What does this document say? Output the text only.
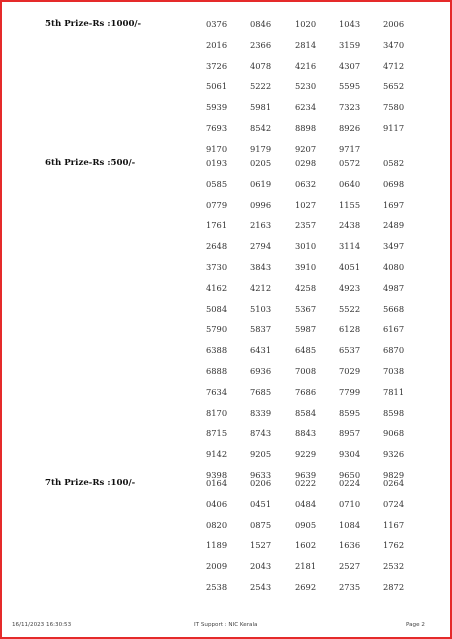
5th Prize-Rs :1000/-	0376	0846	1020	1043	2006
2016	2366	2814	3159	3470
3726	4078	4216	4307	4712
5061	5222	5230	5595	5652
5939	5981	6234	7323	7580
7693	8542	8898	8926	9117
9170	9179	9207	9717
6th Prize-Rs :500/-	0193	0205	0298	0572	0582
0585	0619	0632	0640	0698
0779	0996	1027	1155	1697
1761	2163	2357	2438	2489
2648	2794	3010	3114	3497
3730	3843	3910	4051	4080
4162	4212	4258	4923	4987
5084	5103	5367	5522	5668
5790	5837	5987	6128	6167
6388	6431	6485	6537	6870
6888	6936	7008	7029	7038
7634	7685	7686	7799	7811
8170	8339	8584	8595	8598
8715	8743	8843	8957	9068
9142	9205	9229	9304	9326
9398	9633	9639	9650	9829
7th Prize-Rs :100/-	0164	0206	0222	0224	0264
0406	0451	0484	0710	0724
0820	0875	0905	1084	1167
1189	1527	1602	1636	1762
2009	2043	2181	2527	2532
2538	2543	2692	2735	2872
16/11/2023 16:30:53	IT Support : NIC Kerala	Page 2
